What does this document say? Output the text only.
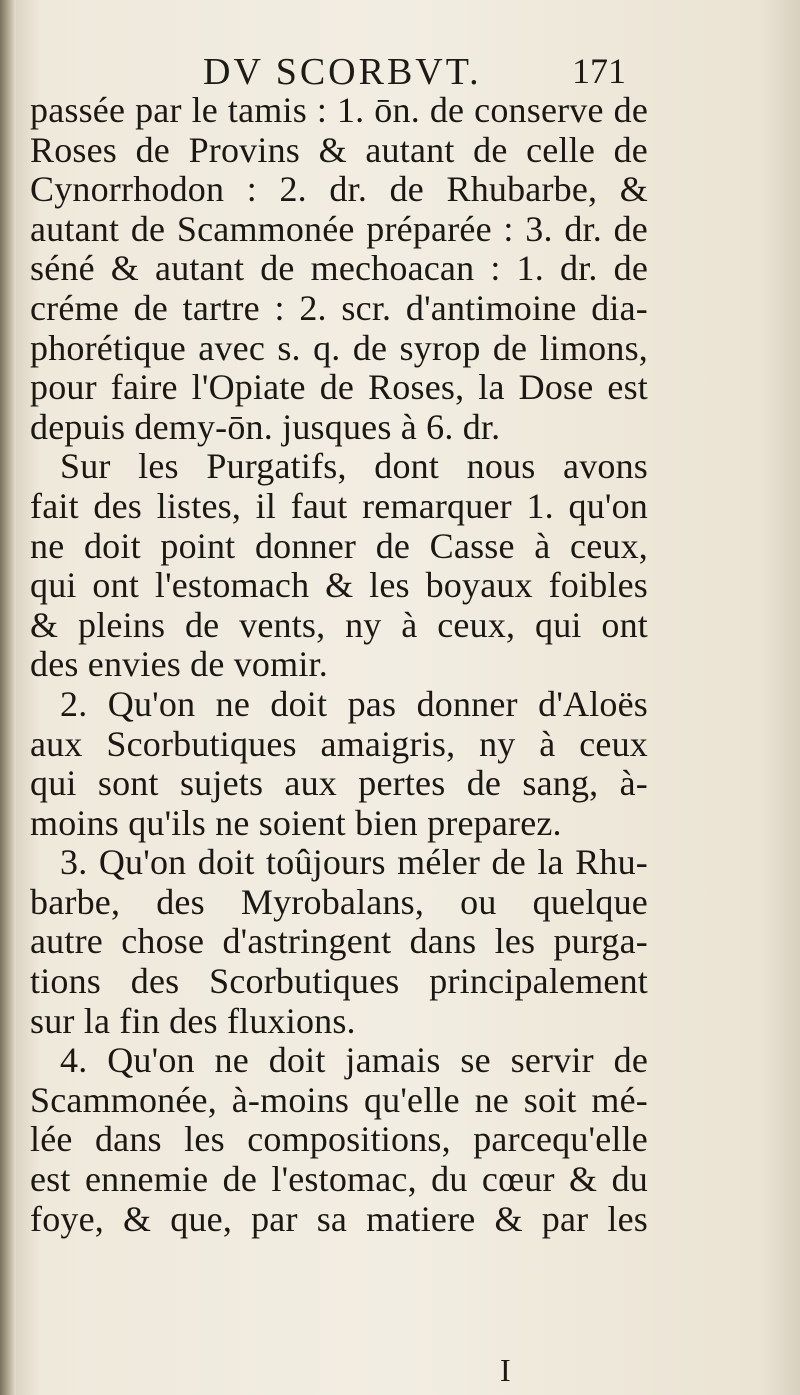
DV SCORBVT.	171
passée par le tamis : 1. ōn. de conserve de
Roses de Provins & autant de celle de
Cynorrhodon : 2. dr. de Rhubarbe, &
autant de Scammonée préparée : 3. dr. de
séné & autant de mechoacan : 1. dr. de
créme de tartre : 2. scr. d'antimoine dia-
phorétique avec s. q. de syrop de limons,
pour faire l'Opiate de Roses, la Dose est
depuis demy-ōn. jusques à 6. dr.
Sur les Purgatifs, dont nous avons
fait des listes, il faut remarquer 1. qu'on
ne doit point donner de Casse à ceux,
qui ont l'estomach & les boyaux foibles
& pleins de vents, ny à ceux, qui ont
des envies de vomir.
2. Qu'on ne doit pas donner d'Aloës
aux Scorbutiques amaigris, ny à ceux
qui sont sujets aux pertes de sang, à-
moins qu'ils ne soient bien preparez.
3. Qu'on doit toûjours méler de la Rhu-
barbe, des Myrobalans, ou quelque
autre chose d'astringent dans les purga-
tions des Scorbutiques principalement
sur la fin des fluxions.
4. Qu'on ne doit jamais se servir de
Scammonée, à-moins qu'elle ne soit mé-
lée dans les compositions, parcequ'elle
est ennemie de l'estomac, du cœur & du
foye, & que, par sa matiere & par les
I
